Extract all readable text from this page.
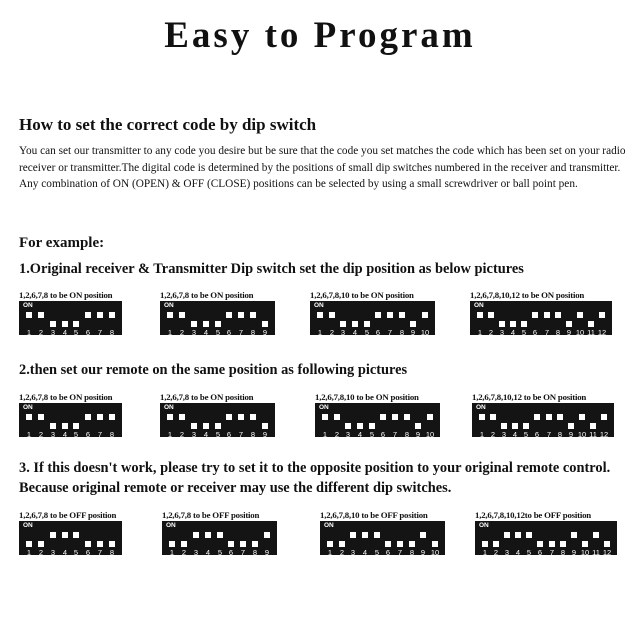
Easy to Program
How to set the correct code by dip switch
You can set our transmitter to any code you desire but be sure that the code you set matches the code which has been set on your radio receiver or transmitter.The digital code is determined by the positions of small dip switches numbered in the receiver and transmitter. Any combination of ON (OPEN) & OFF (CLOSE) positions can be selected by using a small screwdriver or ball point pen.
For example:
1.Original receiver & Transmitter Dip switch set the dip position as below pictures
1,2,6,7,8 to be ON position
ON
1	2	3	4 5	6	7	8
1,2,6,7,8 to be ON position
ON
1	2	3	4	5 6	7	8	9
1,2,6,7,8,10 to be ON position
ON
1	2 3	4	5 6	7	8 9 10
1,2,6,7,8,10,12 to be ON position
ON
1 2 3 4 5 6	7 8 9 10 11 12
2.then set our remote on the same position as following pictures
1,2,6,7,8 to be ON position
ON
1	2	3	4 5	6	7	8
1,2,6,7,8 to be ON position
ON
1	2	3	4	5 6	7	8	9
1,2,6,7,8,10 to be ON position
ON
1	2 3	4	5 6	7	8 9 10
1,2,6,7,8,10,12 to be ON position
ON
1 2 3 4 5 6	7 8 9 10 11 12
3. If this doesn't work, please try to set it to the opposite position to your original remote control. Because original remote or receiver may use the different dip switches.
1,2,6,7,8 to be OFF position
ON
1	2	3	4 5	6	7	8
1,2,6,7,8 to be OFF position
ON
1	2	3	4	5 6	7	8	9
1,2,6,7,8,10 to be OFF position
ON
1	2 3	4	5 6	7	8 9 10
1,2,6,7,8,10,12to be OFF position
ON
1 2 3 4 5 6	7 8 9 10 11 12
